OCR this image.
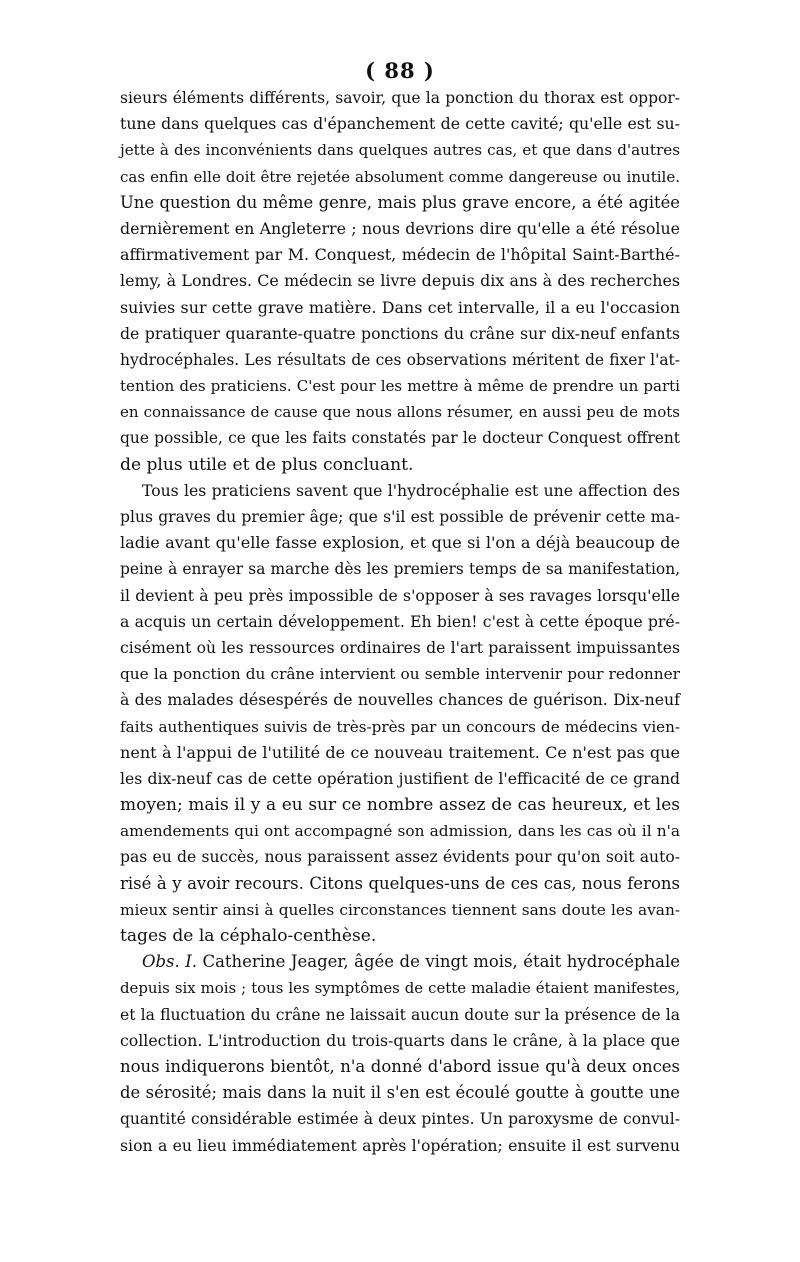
( 88 )
sieurs éléments différents, savoir, que la ponction du thorax est oppor-
tune dans quelques cas d'épanchement de cette cavité; qu'elle est su-
jette à des inconvénients dans quelques autres cas, et que dans d'autres
cas enfin elle doit être rejetée absolument comme dangereuse ou inutile.
Une question du même genre, mais plus grave encore, a été agitée
dernièrement en Angleterre ; nous devrions dire qu'elle a été résolue
affirmativement par M. Conquest, médecin de l'hôpital Saint-Barthé-
lemy, à Londres. Ce médecin se livre depuis dix ans à des recherches
suivies sur cette grave matière. Dans cet intervalle, il a eu l'occasion
de pratiquer quarante-quatre ponctions du crâne sur dix-neuf enfants
hydrocéphales. Les résultats de ces observations méritent de fixer l'at-
tention des praticiens. C'est pour les mettre à même de prendre un parti
en connaissance de cause que nous allons résumer, en aussi peu de mots
que possible, ce que les faits constatés par le docteur Conquest offrent
de plus utile et de plus concluant.
Tous les praticiens savent que l'hydrocéphalie est une affection des
plus graves du premier âge; que s'il est possible de prévenir cette ma-
ladie avant qu'elle fasse explosion, et que si l'on a déjà beaucoup de
peine à enrayer sa marche dès les premiers temps de sa manifestation,
il devient à peu près impossible de s'opposer à ses ravages lorsqu'elle
a acquis un certain développement. Eh bien! c'est à cette époque pré-
cisément où les ressources ordinaires de l'art paraissent impuissantes
que la ponction du crâne intervient ou semble intervenir pour redonner
à des malades désespérés de nouvelles chances de guérison. Dix-neuf
faits authentiques suivis de très-près par un concours de médecins vien-
nent à l'appui de l'utilité de ce nouveau traitement. Ce n'est pas que
les dix-neuf cas de cette opération justifient de l'efficacité de ce grand
moyen; mais il y a eu sur ce nombre assez de cas heureux, et les
amendements qui ont accompagné son admission, dans les cas où il n'a
pas eu de succès, nous paraissent assez évidents pour qu'on soit auto-
risé à y avoir recours. Citons quelques-uns de ces cas, nous ferons
mieux sentir ainsi à quelles circonstances tiennent sans doute les avan-
tages de la céphalo-centhèse.
Obs. I. Catherine Jeager, âgée de vingt mois, était hydrocéphale
depuis six mois ; tous les symptômes de cette maladie étaient manifestes,
et la fluctuation du crâne ne laissait aucun doute sur la présence de la
collection. L'introduction du trois-quarts dans le crâne, à la place que
nous indiquerons bientôt, n'a donné d'abord issue qu'à deux onces
de sérosité; mais dans la nuit il s'en est écoulé goutte à goutte une
quantité considérable estimée à deux pintes. Un paroxysme de convul-
sion a eu lieu immédiatement après l'opération; ensuite il est survenu
